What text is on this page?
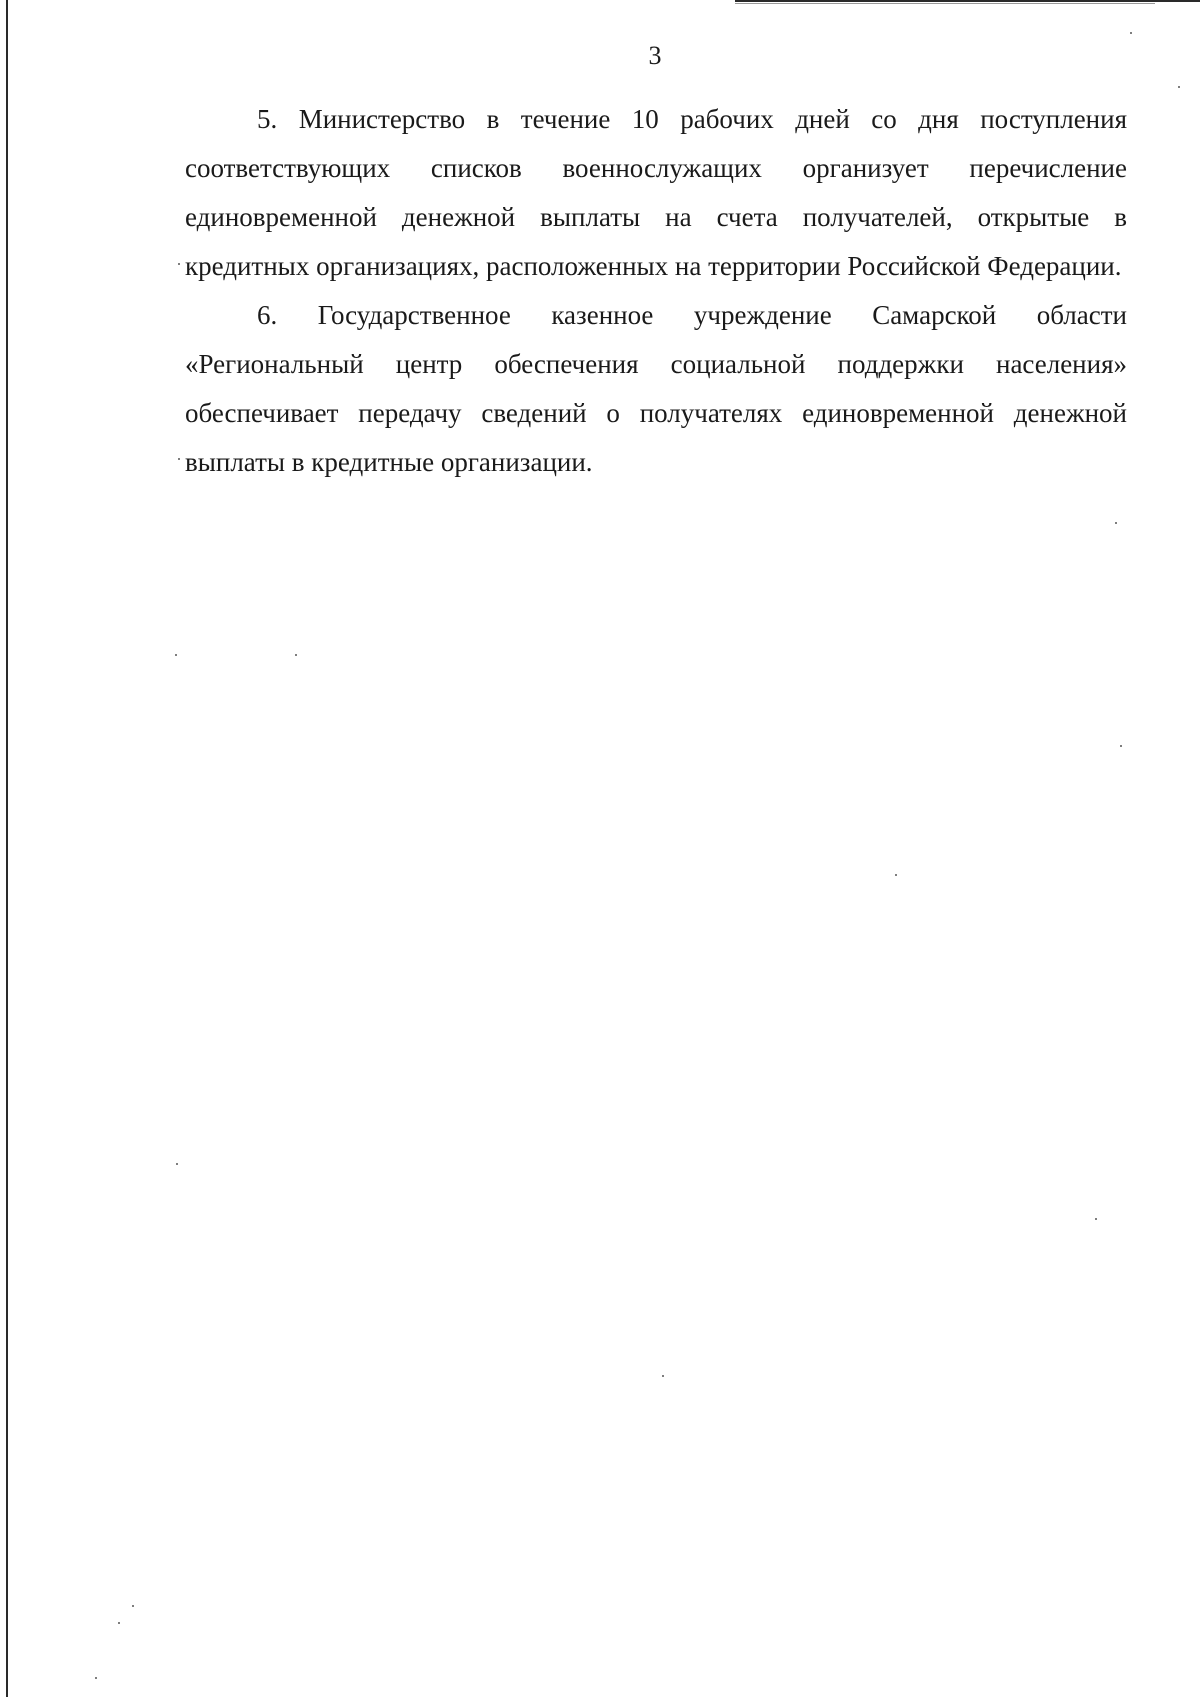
3

5. Министерство в течение 10 рабочих дней со дня поступления соответствующих списков военнослужащих организует перечисление единовременной денежной выплаты на счета получателей, открытые в кредитных организациях, расположенных на территории Российской Федерации.

6. Государственное казенное учреждение Самарской области «Региональный центр обеспечения социальной поддержки населения» обеспечивает передачу сведений о получателях единовременной денежной выплаты в кредитные организации.
